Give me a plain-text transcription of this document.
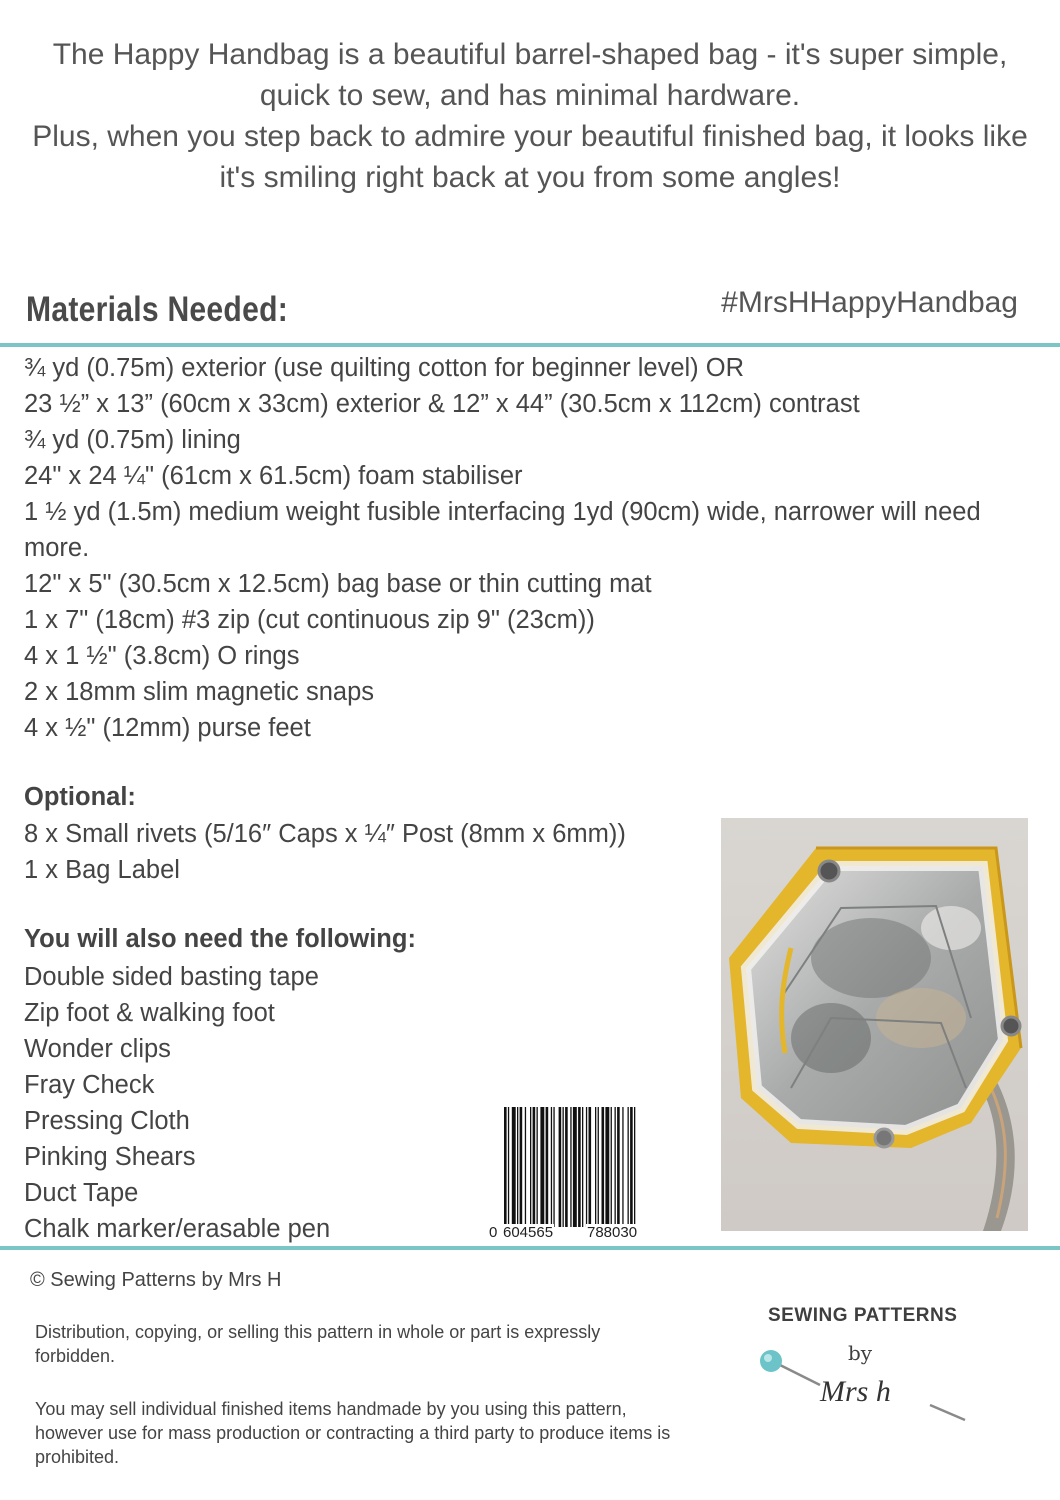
The Happy Handbag is a beautiful barrel-shaped bag - it's super simple, quick to sew, and has minimal hardware.

Plus, when you step back to admire your beautiful finished bag, it looks like it's smiling right back at you from some angles!

Materials Needed:	#MrsHHappyHandbag
¾ yd (0.75m) exterior (use quilting cotton for beginner level) OR
23 ½” x 13” (60cm x 33cm) exterior & 12” x 44” (30.5cm x 112cm) contrast
¾ yd (0.75m) lining
24" x 24 ¼" (61cm x 61.5cm) foam stabiliser
1 ½ yd (1.5m) medium weight fusible interfacing 1yd (90cm) wide, narrower will need more.
12" x 5" (30.5cm x 12.5cm) bag base or thin cutting mat
1 x 7" (18cm) #3 zip (cut continuous zip 9" (23cm))
4 x 1 ½" (3.8cm) O rings
2 x 18mm slim magnetic snaps
4 x ½" (12mm) purse feet
Optional:
8 x Small rivets (5/16″ Caps x ¼″ Post (8mm x 6mm))
1 x Bag Label
You will also need the following:
Double sided basting tape
Zip foot & walking foot
Wonder clips
Fray Check
Pressing Cloth
Pinking Shears
Duct Tape
Chalk marker/erasable pen	0 604565 788030
© Sewing Patterns by Mrs H

Distribution, copying, or selling this pattern in whole or part is expressly forbidden.

You may sell individual finished items handmade by you using this pattern, however use for mass production or contracting a third party to produce items is prohibited.

SEWING PATTERNS
by
Mrs h
